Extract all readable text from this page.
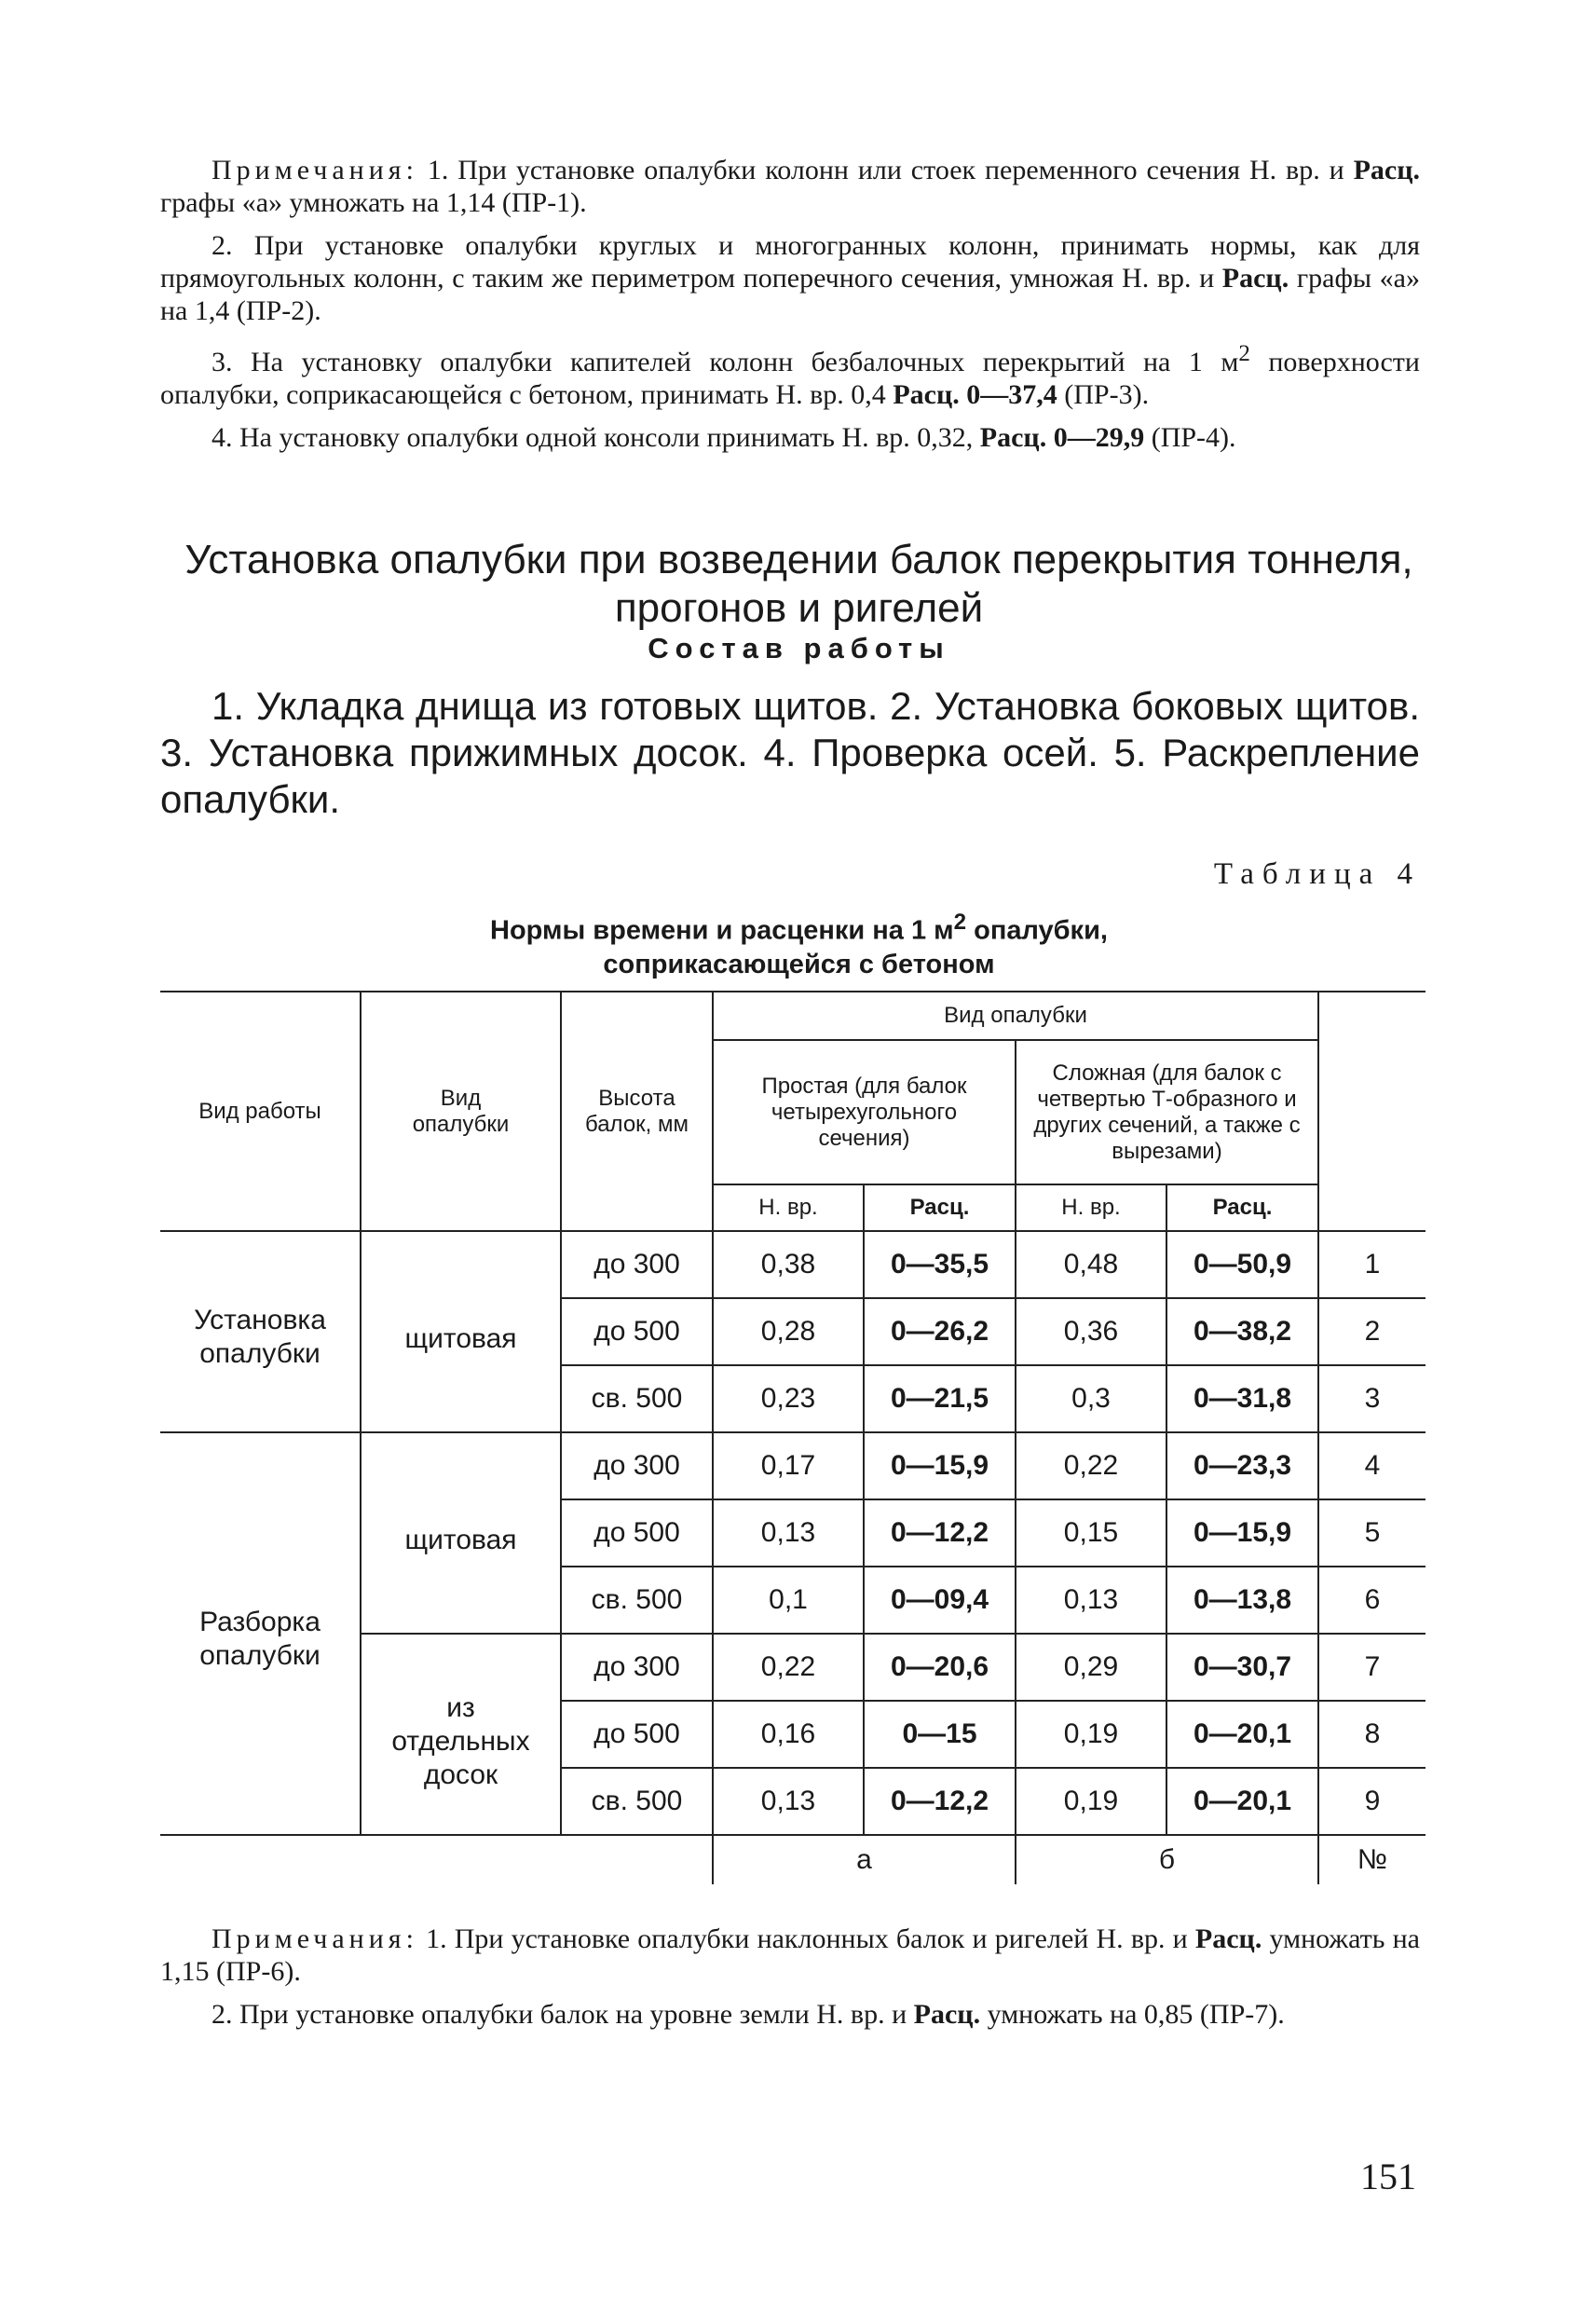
Примечания: 1. При установке опалубки колонн или стоек переменного сечения Н. вр. и Расц. графы «а» умножать на 1,14 (ПР-1).

2. При установке опалубки круглых и многогранных колонн, принимать нормы, как для прямоугольных колонн, с таким же периметром поперечного сечения, умножая Н. вр. и Расц. графы «а» на 1,4 (ПР-2).

3. На установку опалубки капителей колонн безбалочных перекрытий на 1 $м^2$ поверхности опалубки, соприкасающейся с бетоном, принимать Н. вр. 0,4 Расц. 0—37,4 (ПР-3).

4. На установку опалубки одной консоли принимать Н. вр. 0,32, Расц. 0—29,9 (ПР-4).

Установка опалубки при возведении балок перекрытия тоннеля,
прогонов и ригелей
Состав работы
1. Укладка днища из готовых щитов. 2. Установка боковых щитов. 3. Установка прижимных досок. 4. Проверка осей. 5. Раскрепление опалубки.
Таблица 4
Нормы времени и расценки на 1 $м^2$ опалубки,
соприкасающейся с бетоном
Вид работы	Вид опалубки	Высота балок, мм	Вид опалубки				
			Простая (для балок четырехугольного сечения)		Сложная (для балок с четвертью Т-образного и других сечений, а также с вырезами)		
			Н. вр.	Расц.	Н. вр.	Расц.	
Установка опалубки	щитовая	до 300	0,38	0—35,5	0,48	0—50,9	1
		до 500	0,28	0—26,2	0,36	0—38,2	2
		св. 500	0,23	0—21,5	0,3	0—31,8	3
Разборка опалубки	щитовая	до 300	0,17	0—15,9	0,22	0—23,3	4
		до 500	0,13	0—12,2	0,15	0—15,9	5
		св. 500	0,1	0—09,4	0,13	0—13,8	6
	из отдельных досок	до 300	0,22	0—20,6	0,29	0—30,7	7
		до 500	0,16	0—15	0,19	0—20,1	8
		св. 500	0,13	0—12,2	0,19	0—20,1	9
			а		б		№

Примечания: 1. При установке опалубки наклонных балок и ригелей Н. вр. и Расц. умножать на 1,15 (ПР-6).

2. При установке опалубки балок на уровне земли Н. вр. и Расц. умножать на 0,85 (ПР-7).

151
